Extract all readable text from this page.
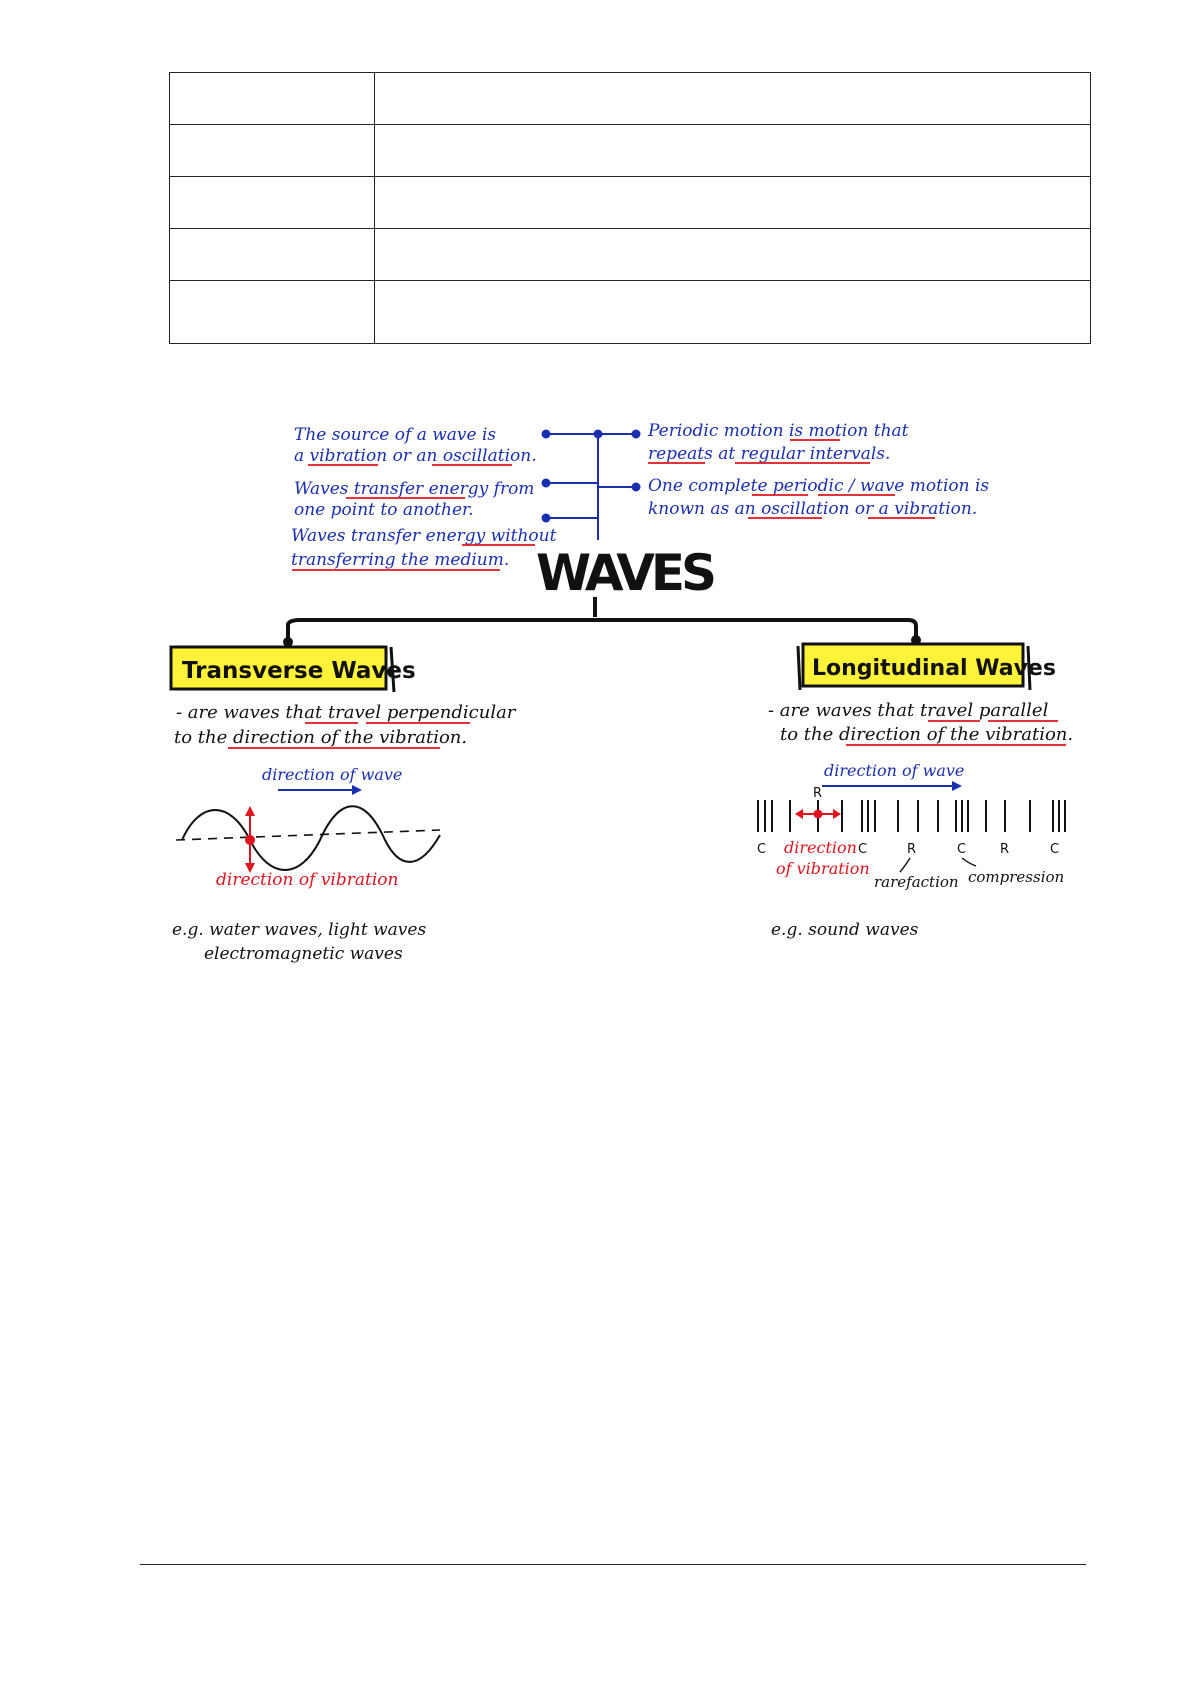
The source of a wave is
a vibration or an oscillation.
Waves transfer energy from
one point to another.
Waves transfer energy without
transferring the medium.
Periodic motion is motion that
repeats at regular intervals.
One complete periodic / wave motion is
known as an oscillation or a vibration.
WAVES
Transverse Waves	Longitudinal Waves
- are waves that travel perpendicular
to the direction of the vibration.
direction of wave
direction of vibration
e.g. water waves, light waves
electromagnetic waves
- are waves that travel parallel
to the direction of the vibration.
direction of wave
R
C	C	R	C	R	C
direction
of vibration
rarefaction compression
e.g. sound waves
